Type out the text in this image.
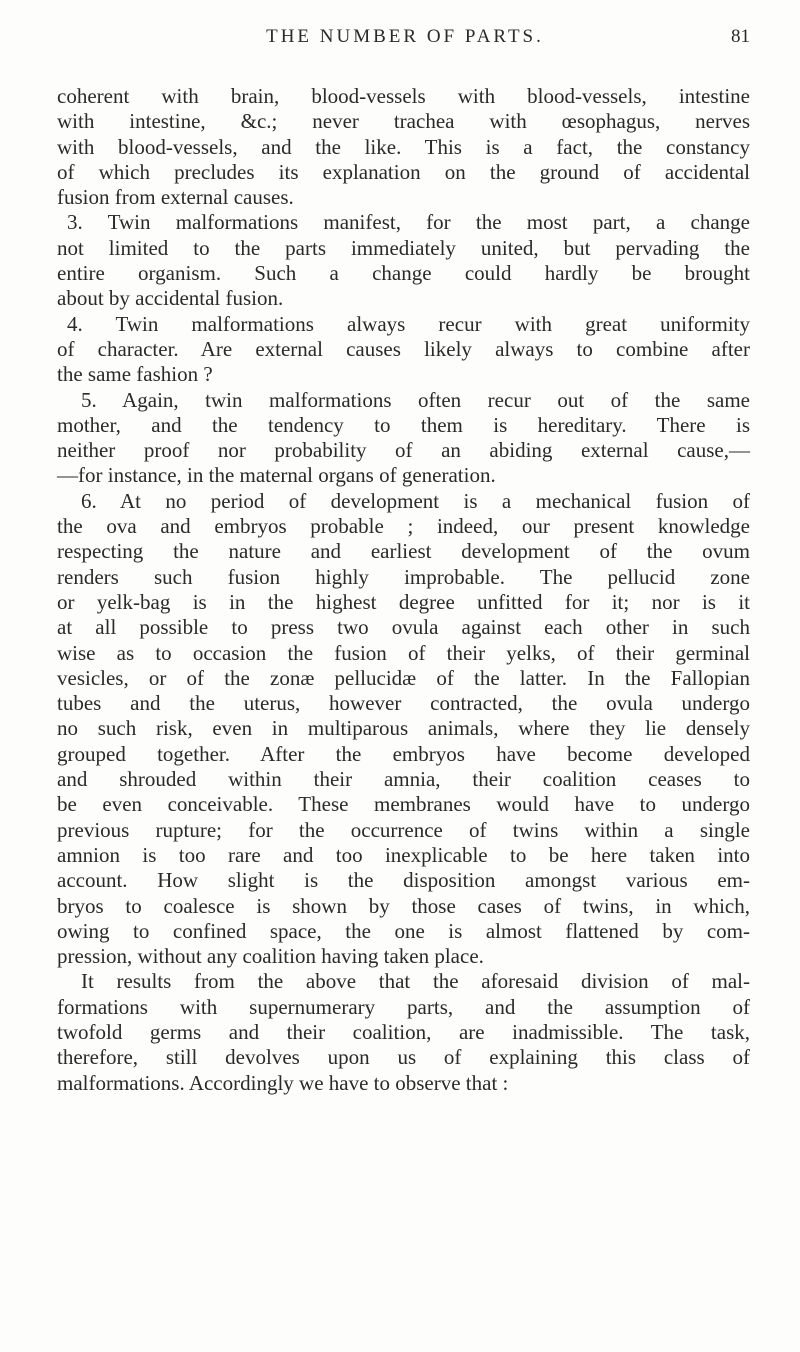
THE NUMBER OF PARTS.	81
coherent with brain, blood-vessels with blood-vessels, intestine
with intestine, &c.; never trachea with œsophagus, nerves
with blood-vessels, and the like. This is a fact, the constancy
of which precludes its explanation on the ground of accidental
fusion from external causes.
3. Twin malformations manifest, for the most part, a change
not limited to the parts immediately united, but pervading the
entire organism. Such a change could hardly be brought
about by accidental fusion.
4. Twin malformations always recur with great uniformity
of character. Are external causes likely always to combine after
the same fashion ?
5. Again, twin malformations often recur out of the same
mother, and the tendency to them is hereditary. There is
neither proof nor probability of an abiding external cause,—
—for instance, in the maternal organs of generation.
6. At no period of development is a mechanical fusion of
the ova and embryos probable ; indeed, our present knowledge
respecting the nature and earliest development of the ovum
renders such fusion highly improbable. The pellucid zone
or yelk-bag is in the highest degree unfitted for it; nor is it
at all possible to press two ovula against each other in such
wise as to occasion the fusion of their yelks, of their germinal
vesicles, or of the zonæ pellucidæ of the latter. In the Fallopian
tubes and the uterus, however contracted, the ovula undergo
no such risk, even in multiparous animals, where they lie densely
grouped together. After the embryos have become developed
and shrouded within their amnia, their coalition ceases to
be even conceivable. These membranes would have to undergo
previous rupture; for the occurrence of twins within a single
amnion is too rare and too inexplicable to be here taken into
account. How slight is the disposition amongst various em-
bryos to coalesce is shown by those cases of twins, in which,
owing to confined space, the one is almost flattened by com-
pression, without any coalition having taken place.
It results from the above that the aforesaid division of mal-
formations with supernumerary parts, and the assumption of
twofold germs and their coalition, are inadmissible. The task,
therefore, still devolves upon us of explaining this class of
malformations. Accordingly we have to observe that :
